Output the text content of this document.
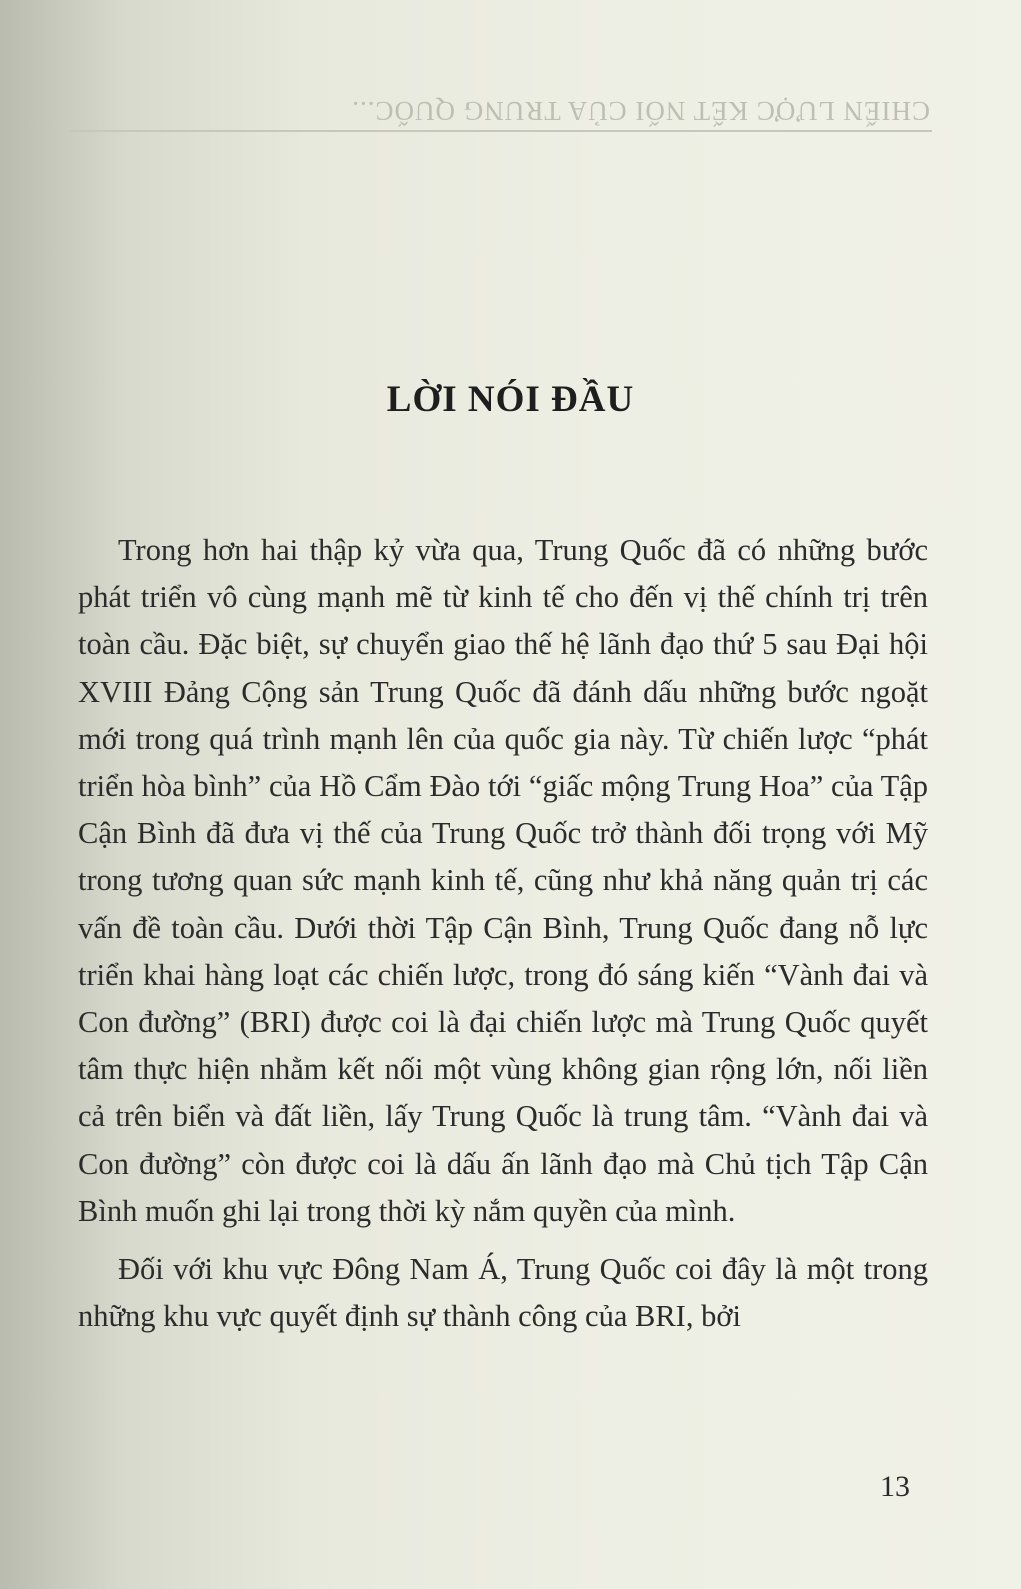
CHIẾN LƯỢC KẾT NỐI CỦA TRUNG QUỐC...
LỜI NÓI ĐẦU

Trong hơn hai thập kỷ vừa qua, Trung Quốc đã có những bước phát triển vô cùng mạnh mẽ từ kinh tế cho đến vị thế chính trị trên toàn cầu. Đặc biệt, sự chuyển giao thế hệ lãnh đạo thứ 5 sau Đại hội XVIII Đảng Cộng sản Trung Quốc đã đánh dấu những bước ngoặt mới trong quá trình mạnh lên của quốc gia này. Từ chiến lược “phát triển hòa bình” của Hồ Cẩm Đào tới “giấc mộng Trung Hoa” của Tập Cận Bình đã đưa vị thế của Trung Quốc trở thành đối trọng với Mỹ trong tương quan sức mạnh kinh tế, cũng như khả năng quản trị các vấn đề toàn cầu. Dưới thời Tập Cận Bình, Trung Quốc đang nỗ lực triển khai hàng loạt các chiến lược, trong đó sáng kiến “Vành đai và Con đường” (BRI) được coi là đại chiến lược mà Trung Quốc quyết tâm thực hiện nhằm kết nối một vùng không gian rộng lớn, nối liền cả trên biển và đất liền, lấy Trung Quốc là trung tâm. “Vành đai và Con đường” còn được coi là dấu ấn lãnh đạo mà Chủ tịch Tập Cận Bình muốn ghi lại trong thời kỳ nắm quyền của mình.

Đối với khu vực Đông Nam Á, Trung Quốc coi đây là một trong những khu vực quyết định sự thành công của BRI, bởi

13
